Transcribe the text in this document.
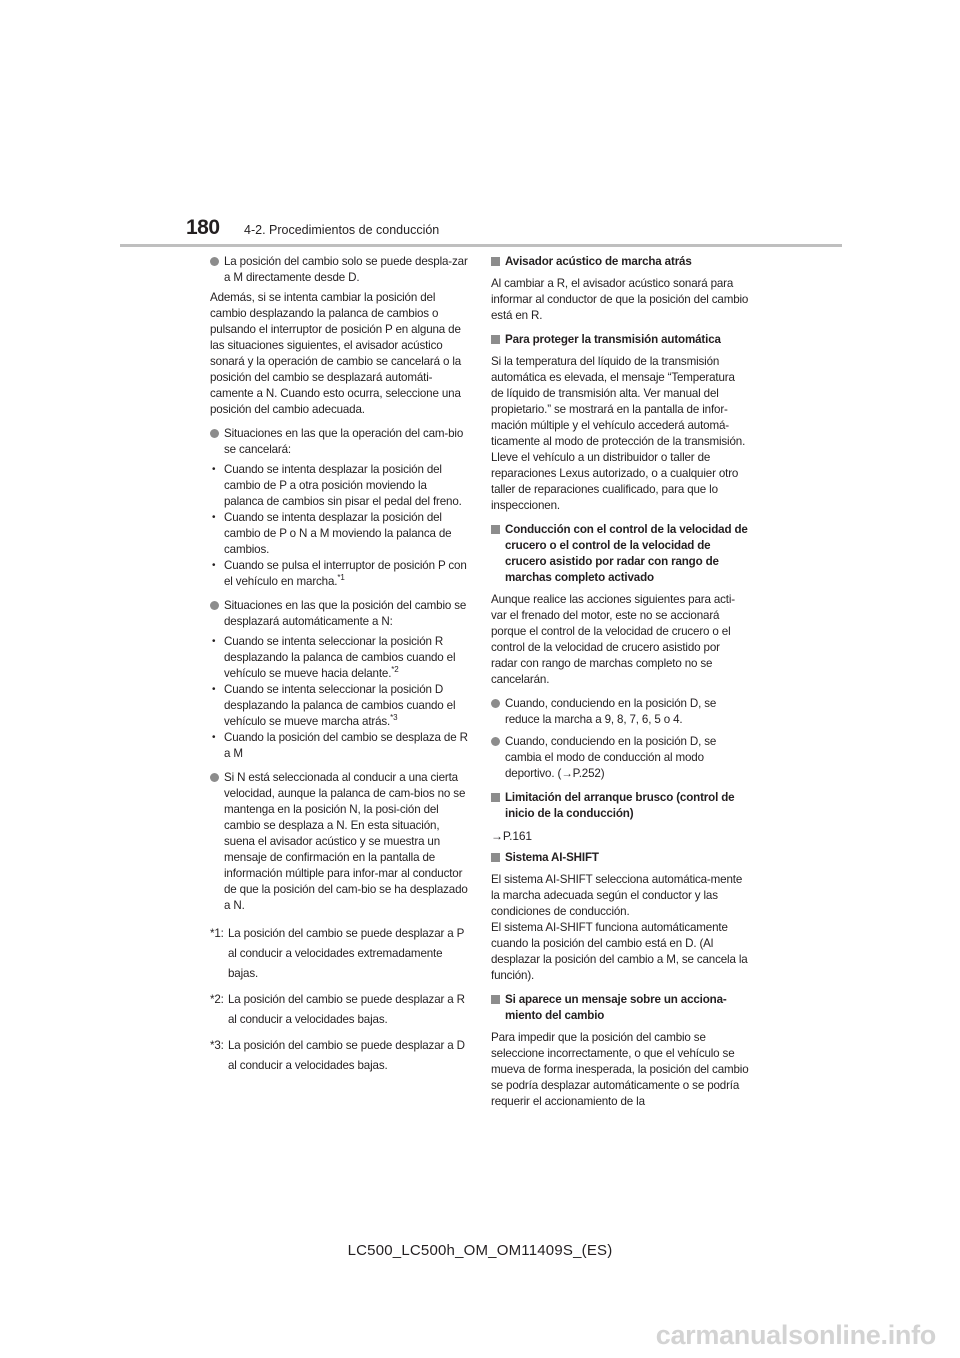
180	4-2. Procedimientos de conducción
La posición del cambio solo se puede despla-zar a M directamente desde D.

Además, si se intenta cambiar la posición del cambio desplazando la palanca de cambios o pulsando el interruptor de posición P en alguna de las situaciones siguientes, el avisador acústico sonará y la operación de cambio se cancelará o la posición del cambio se desplazará automáti-camente a N. Cuando esto ocurra, seleccione una posición del cambio adecuada.

Situaciones en las que la operación del cam-bio se cancelará:
• Cuando se intenta desplazar la posición del cambio de P a otra posición moviendo la palanca de cambios sin pisar el pedal del freno.
• Cuando se intenta desplazar la posición del cambio de P o N a M moviendo la palanca de cambios.
• Cuando se pulsa el interruptor de posición P con el vehículo en marcha.$^{*1}$
Situaciones en las que la posición del cambio se desplazará automáticamente a N:
• Cuando se intenta seleccionar la posición R desplazando la palanca de cambios cuando el vehículo se mueve hacia delante.$^{*2}$
• Cuando se intenta seleccionar la posición D desplazando la palanca de cambios cuando el vehículo se mueve marcha atrás.$^{*3}$
• Cuando la posición del cambio se desplaza de R a M
Si N está seleccionada al conducir a una cierta velocidad, aunque la palanca de cam-bios no se mantenga en la posición N, la posi-ción del cambio se desplaza a N. En esta situación, suena el avisador acústico y se muestra un mensaje de confirmación en la pantalla de información múltiple para infor-mar al conductor de que la posición del cam-bio se ha desplazado a N.
*1: La posición del cambio se puede desplazar a P al conducir a velocidades extremadamente bajas.
*2: La posición del cambio se puede desplazar a R al conducir a velocidades bajas.
*3: La posición del cambio se puede desplazar a D al conducir a velocidades bajas.
Avisador acústico de marcha atrás

Al cambiar a R, el avisador acústico sonará para informar al conductor de que la posición del cambio está en R.

Para proteger la transmisión automática

Si la temperatura del líquido de la transmisión automática es elevada, el mensaje “Temperatura de líquido de transmisión alta. Ver manual del propietario.” se mostrará en la pantalla de infor-mación múltiple y el vehículo accederá automá-ticamente al modo de protección de la transmisión. Lleve el vehículo a un distribuidor o taller de reparaciones Lexus autorizado, o a cualquier otro taller de reparaciones cualificado, para que lo inspeccionen.

Conducción con el control de la velocidad de crucero o el control de la velocidad de crucero asistido por radar con rango de marchas completo activado

Aunque realice las acciones siguientes para acti-var el frenado del motor, este no se accionará porque el control de la velocidad de crucero o el control de la velocidad de crucero asistido por radar con rango de marchas completo no se cancelarán.

Cuando, conduciendo en la posición D, se reduce la marcha a 9, 8, 7, 6, 5 o 4.
Cuando, conduciendo en la posición D, se cambia el modo de conducción al modo deportivo. (→P.252)
Limitación del arranque brusco (control de inicio de la conducción)

→P.161

Sistema AI-SHIFT

El sistema AI-SHIFT selecciona automática-mente la marcha adecuada según el conductor y las condiciones de conducción.

El sistema AI-SHIFT funciona automáticamente cuando la posición del cambio está en D. (Al desplazar la posición del cambio a M, se cancela la función).

Si aparece un mensaje sobre un acciona-miento del cambio

Para impedir que la posición del cambio se seleccione incorrectamente, o que el vehículo se mueva de forma inesperada, la posición del cambio se podría desplazar automáticamente o se podría requerir el accionamiento de la

LC500_LC500h_OM_OM11409S_(ES)
carmanualsonline.info
